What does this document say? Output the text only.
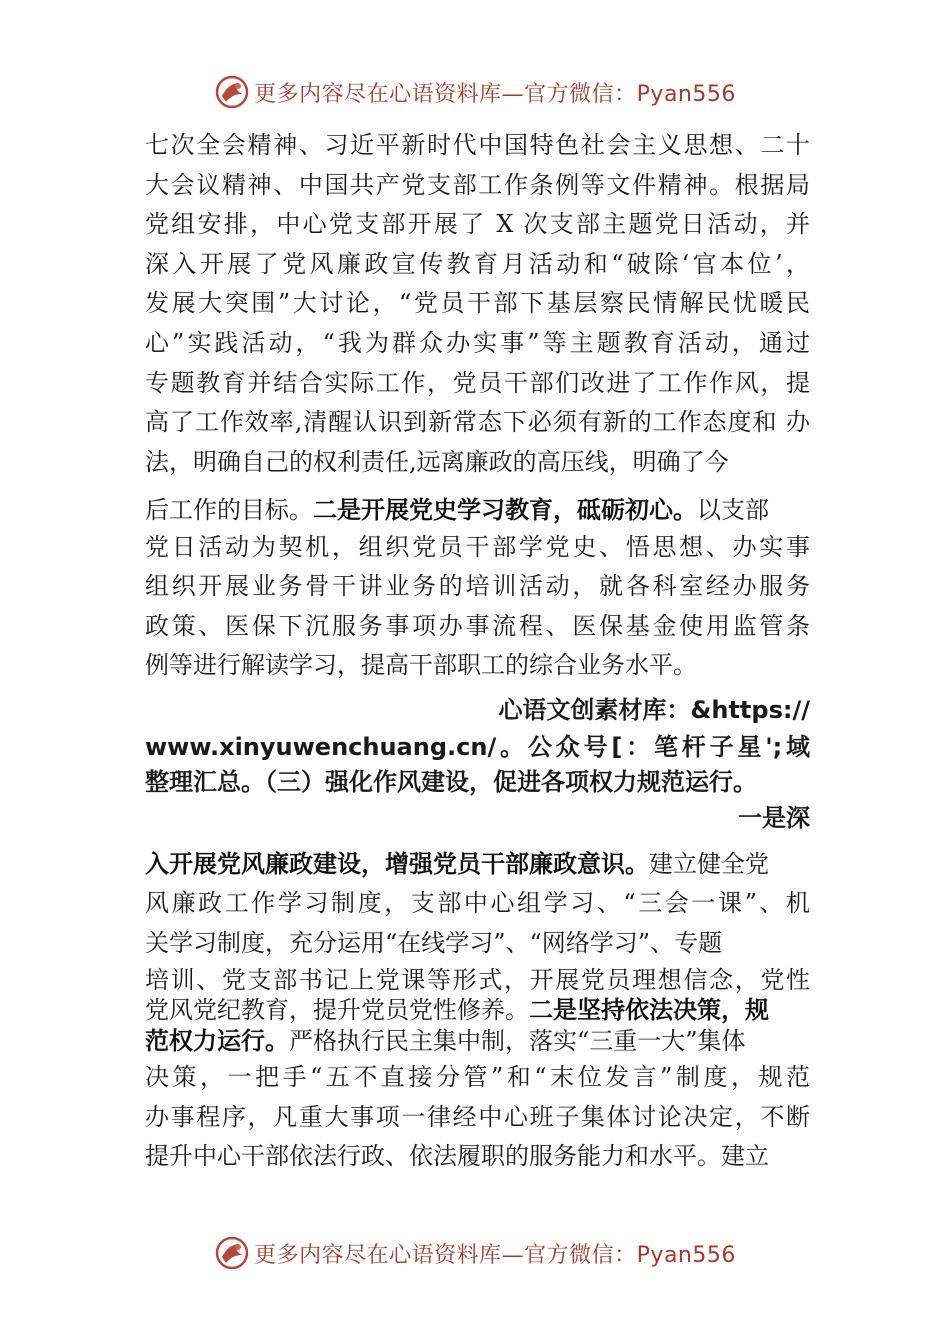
更多内容尽在心语资料库—官方微信：Pyan556
七次全会精神、习近平新时代中国特色社会主义思想、二十
大会议精神、中国共产党支部工作条例等文件精神。根据局
党组安排，中心党支部开展了 X 次支部主题党日活动，并
深入开展了党风廉政宣传教育月活动和“破除‘官本位’，
发展大突围”大讨论，“党员干部下基层察民情解民忧暖民
心”实践活动，“我为群众办实事”等主题教育活动，通过
专题教育并结合实际工作，党员干部们改进了工作作风，提
高了工作效率,清醒认识到新常态下必须有新的工作态度和 办
法，明确自己的权利责任,远离廉政的高压线，明确了今
后工作的目标。二是开展党史学习教育，砥砺初心。以支部
党日活动为契机，组织党员干部学党史、悟思想、办实事
组织开展业务骨干讲业务的培训活动，就各科室经办服务
政策、医保下沉服务事项办事流程、医保基金使用监管条
例等进行解读学习，提高干部职工的综合业务水平。
心语文创素材库：&https://
www.xinyuwenchuang.cn/。公众号[：笔杆子星';域
整理汇总。（三）强化作风建设，促进各项权力规范运行。
一是深
入开展党风廉政建设，增强党员干部廉政意识。建立健全党
风廉政工作学习制度，支部中心组学习、“三会一课”、机
关学习制度，充分运用“在线学习”、“网络学习”、专题
培训、党支部书记上党课等形式，开展党员理想信念，党性
党风党纪教育，提升党员党性修养。二是坚持依法决策，规
范权力运行。严格执行民主集中制，落实“三重一大”集体
决策，一把手“五不直接分管”和“末位发言”制度，规范
办事程序，凡重大事项一律经中心班子集体讨论决定，不断
提升中心干部依法行政、依法履职的服务能力和水平。建立
更多内容尽在心语资料库—官方微信：Pyan556
